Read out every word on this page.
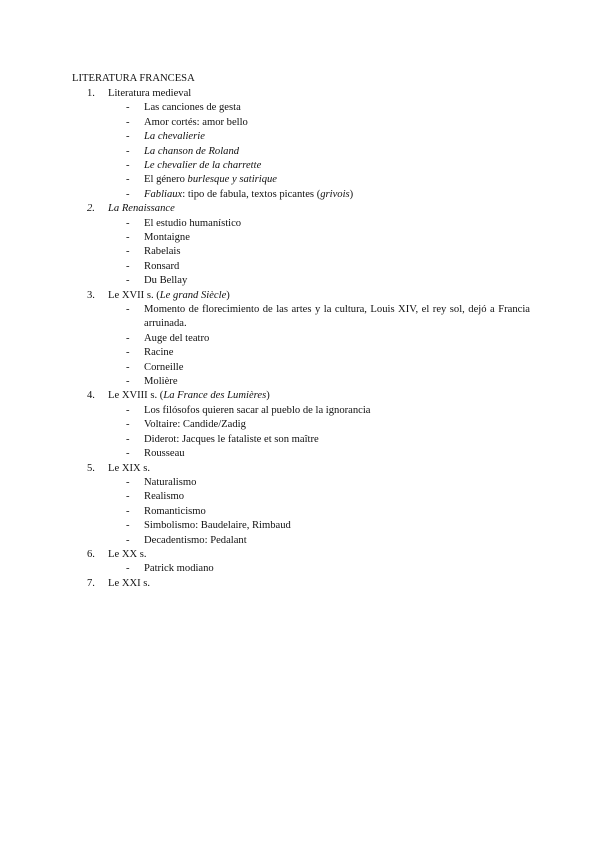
LITERATURA FRANCESA
1. Literatura medieval
- Las canciones de gesta
- Amor cortés: amor bello
- La chevalierie
- La chanson de Roland
- Le chevalier de la charrette
- El género burlesque y satirique
- Fabliaux: tipo de fabula, textos picantes (grivois)
2. La Renaissance
- El estudio humanístico
- Montaigne
- Rabelais
- Ronsard
- Du Bellay
3. Le XVII s. (Le grand Siècle)
- Momento de florecimiento de las artes y la cultura, Louis XIV, el rey sol, dejó a Francia arruinada.
- Auge del teatro
- Racine
- Corneille
- Molière
4. Le XVIII s. (La France des Lumières)
- Los filósofos quieren sacar al pueblo de la ignorancia
- Voltaire: Candide/Zadig
- Diderot: Jacques le fataliste et son maître
- Rousseau
5. Le XIX s.
- Naturalismo
- Realismo
- Romanticismo
- Simbolismo: Baudelaire, Rimbaud
- Decadentismo: Pedalant
6. Le XX s.
- Patrick modiano
7. Le XXI s.
